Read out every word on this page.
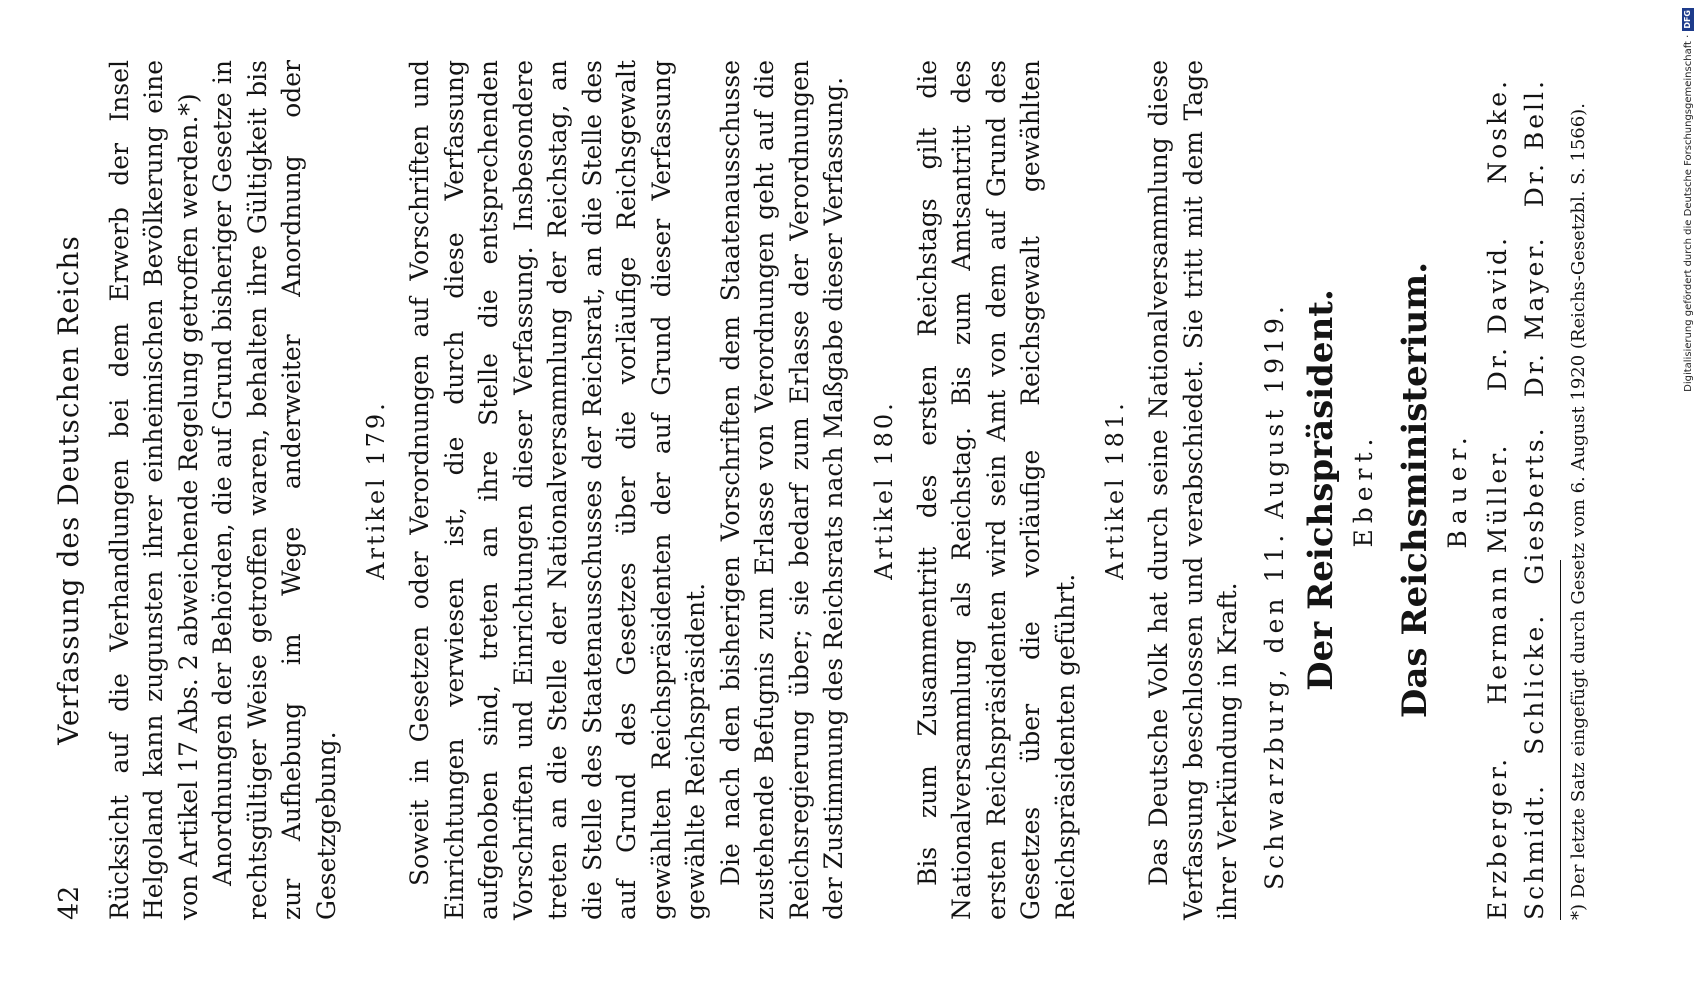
42
Verfassung des Deutschen Reichs Rücksicht auf die Verhandlungen bei dem Erwerb der Insel Helgoland kann zugunsten ihrer einheimischen Bevölkerung eine von Artikel 17 Abs. 2 abweichende Regelung getroffen werden.*) Anordnungen der Behörden, die auf Grund bisheriger Gesetze in rechtsgültiger Weise getroffen waren, behalten ihre Gültigkeit bis zur Aufhebung im Wege anderweiter Anordnung oder Gesetzgebung.

Artikel 179. Soweit in Gesetzen oder Verordnungen auf Vorschriften und Einrichtungen verwiesen ist, die durch diese Verfassung aufgehoben sind, treten an ihre Stelle die entsprechenden Vorschriften und Einrichtungen dieser Verfassung. Insbesondere treten an die Stelle der Nationalversammlung der Reichstag, an die Stelle des Staatenausschusses der Reichsrat, an die Stelle des auf Grund des Gesetzes über die vorläufige Reichsgewalt gewählten Reichspräsidenten der auf Grund dieser Verfassung gewählte Reichspräsident. Die nach den bisherigen Vorschriften dem Staatenausschusse zustehende Befugnis zum Erlasse von Verordnungen geht auf die Reichsregierung über; sie bedarf zum Erlasse der Verordnungen der Zustimmung des Reichsrats nach Maßgabe dieser Verfassung. Artikel 180. Bis zum Zusammentritt des ersten Reichstags gilt die Nationalversammlung als Reichstag. Bis zum Amtsantritt des ersten Reichspräsidenten wird sein Amt von dem auf Grund des Gesetzes über die vorläufige Reichsgewalt gewählten Reichspräsidenten geführt.

Artikel 181. Das Deutsche Volk hat durch seine Nationalversammlung diese Verfassung beschlossen und verabschiedet. Sie tritt mit dem Tage ihrer Verkündung in Kraft. Schwarzburg, den 11. August 1919. Der Reichspräsident. Ebert. Das Reichsministerium. Bauer.
Erzberger.
Hermann Müller.
Dr. David.
Noske.
Schmidt.
Schlicke.
Giesberts.
Dr. Mayer.
Dr. Bell. *) Der letzte Satz eingefügt durch Gesetz vom 6. August 1920 (Reichs-Gesetzbl. S. 1566).	Digitalisierung gefördert durch die Deutsche Forschungsgemeinschaft ·
DFG
